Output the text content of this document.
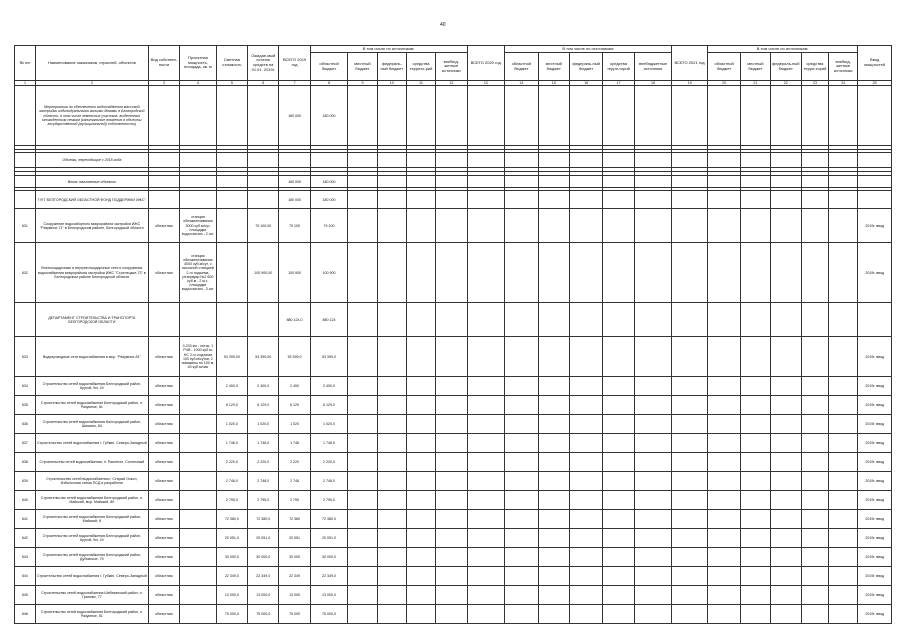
40
№ п/п	Наименование заказчиков, отраслей, объектов	Вид собствен-ности	Проектная мощность, площадь, кв. м	Сметная стоимость	Ожидае-мый остаток средств на 01.01. 2019г.	ВСЕГО 2019 год	В том числе по источникам:					ВСЕГО 2020 год	В том числе по источникам:					ВСЕГО 2021 год	В том числе по источникам:					Ввод мощностей
							областной бюджет	местный бюджет	федераль-ный бюджет	средства террито-рий	внебюд-жетные источники		областной бюджет	местный бюджет	федераль-ный бюджет	средства терри-торий	внебюджетные источники		областной бюджет	местный бюджет	федераль-ный бюджет	средства терри-торий	внебюд-жетные источники	
1	2	3	4	5	6	7	8	9	10	11	12	13	14	15	16	17	18	19	20	21	22	23	24	25
	Мероприятия по обеспечению водоснабжения массовой застройки индивидуальными жилыми домами в Белгородской области, в том числе земельных участков, выделенных многодетным семьям (капитальные вложения в объекты государственной (муниципальной) собственности)					180 000	180 000																	

	Объемы, переходящие с 2018 года																							

	Вновь начинаемые объекты					180 000	180 000																	

	ГУП "БЕЛГОРОДСКИЙ ОБЛАСТНОЙ ФОНД ПОДДЕРЖКИ ИЖС"					180 000	180 000																	
631	Сооружение водозаборного микрорайона застройки ИЖС "Разумное-71" в Белгородском районе, Белгородской области	областная	станция обезжелезивания 3000 куб.м/сут, площадки водоочистки - 2 шт.		79 100,00	79 100	79 100																	2019г. ввод
632	Внеплощадочные и внутриплощадочные сети и сооружения водоснабжения микрорайона застройки ИЖС "Стрелецкое-73" в Белгородском районе Белгородской области	областная	станция обезжелезивания 4000 куб.м/сут, с насосной станцией 2-го подъема, резервуар №2 600 куб.м - 2 шт., площадки водоочистки - 3 шт.		100 900,00	100 900	100 900																	2019г. ввод
	ДЕПАРТАМЕНТ СТРОИТЕЛЬСТВА И ТРАНСПОРТА БЕЛГОРОДСКОЙ ОБЛАСТИ					880 124,0	880 124																	
633	Водопроводные сети водоснабжения в мкр. "Разумное-81"	областная	0,233 км - лоток; 1 РЧВ - 1000 куб.м; НС 2-го подъема 100 куб.м/сутки; 2 скважины по 100 м, 40 куб.м/час	53 399,00	53 399,00	53 399,0	53 399,0																	2019г. ввод
634	Строительство сетей водоснабжения Белгородский район, Крутой Лог, 24	областная		2 400,0	2 400,0	2 400	2 400,0																	2019г. ввод
635	Строительство сетей водоснабжения Белгородский район, п. Разумное, 81	областная		6 129,0	6 129,0	6 129	6 129,0																	2019г. ввод
636	Строительство сетей водоснабжения Белгородский район, Шишино, 84	областная		1 020,0	1 020,0	1 020	1 020,0																	2019г. ввод
637	Строительство сетей водоснабжения г. Губкин, Северо-Западный	областная		1 746,0	1 746,0	1 746	1 746,0																	2019г. ввод
638	Строительство сетей водоснабжения, п. Ракитное, Солнечный	областная		2 220,0	2 220,0	2 220	2 220,0																	2019г. ввод
639	Строительство сетей водоснабжения г. Старый Оскол, Избыточная схема ПСД в разработке	областная		2 748,0	2 748,0	2 748	2 748,0																	2019г. ввод
640	Строительство сетей водоснабжения Белгородский район, п. Майский, мкр. Майский, 80	областная		2 795,0	2 795,0	2 795	2 795,0																	2019г. ввод
641	Строительство сетей водоснабжения Белгородский район, Майский, 8	областная		72 380,0	72 380,0	72 380	72 380,0																	2019г. ввод
642	Строительство сетей водоснабжения Белгородский район, Крутой Лог, 24	областная		20 051,0	20 051,0	20 051	20 051,0																	2019г. ввод
643	Строительство сетей водоснабжения Белгородский район, Дубовское, 75	областная		30 000,0	30 000,0	30 000	30 000,0																	2019г. ввод
644	Строительство сетей водоснабжения г. Губкин, Северо-Западный	областная		22 349,0	22 349,0	22 349	22 349,0																	2019г. ввод
645	Строительство сетей водоснабжения Шебекинский район, п. Граново, 77	областная		13 000,0	13 000,0	13 000	13 000,0																	2019г. ввод
646	Строительство сетей водоснабжения Белгородский район, п. Разумное, 81	областная		75 000,0	75 000,0	75 000	75 000,0																	2019г. ввод
